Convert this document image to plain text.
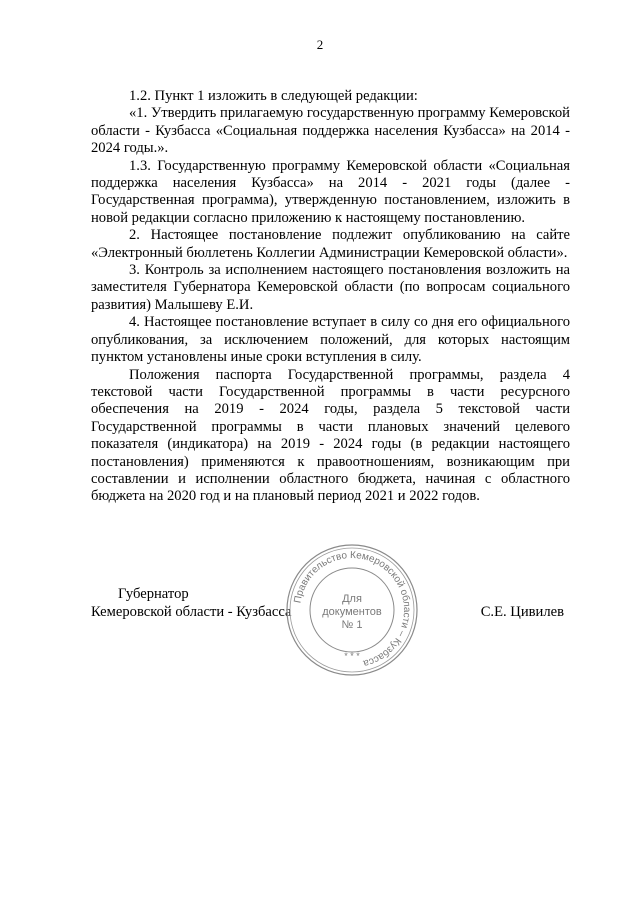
2

1.2. Пункт 1 изложить в следующей редакции:

«1. Утвердить прилагаемую государственную программу Кемеровской области - Кузбасса «Социальная поддержка населения Кузбасса» на 2014 - 2024 годы.».

1.3. Государственную программу Кемеровской области «Социальная поддержка населения Кузбасса» на 2014 - 2021 годы (далее - Государственная программа), утвержденную постановлением, изложить в новой редакции согласно приложению к настоящему постановлению.

2. Настоящее постановление подлежит опубликованию на сайте «Электронный бюллетень Коллегии Администрации Кемеровской области».

3. Контроль за исполнением настоящего постановления возложить на заместителя Губернатора Кемеровской области (по вопросам социального развития) Малышеву Е.И.

4. Настоящее постановление вступает в силу со дня его официального опубликования, за исключением положений, для которых настоящим пунктом установлены иные сроки вступления в силу.

Положения паспорта Государственной программы, раздела 4 текстовой части Государственной программы в части ресурсного обеспечения на 2019 - 2024 годы, раздела 5 текстовой части Государственной программы в части плановых значений целевого показателя (индикатора) на 2019 - 2024 годы (в редакции настоящего постановления) применяются к правоотношениям, возникающим при составлении и исполнении областного бюджета, начиная с областного бюджета на 2020 год и на плановый период 2021 и 2022 годов.

Губернатор
Кемеровской области - Кузбасса	С.Е. Цивилев
Правительство Кемеровской области – Кузбасса
Для
документов
№ 1
* * *
